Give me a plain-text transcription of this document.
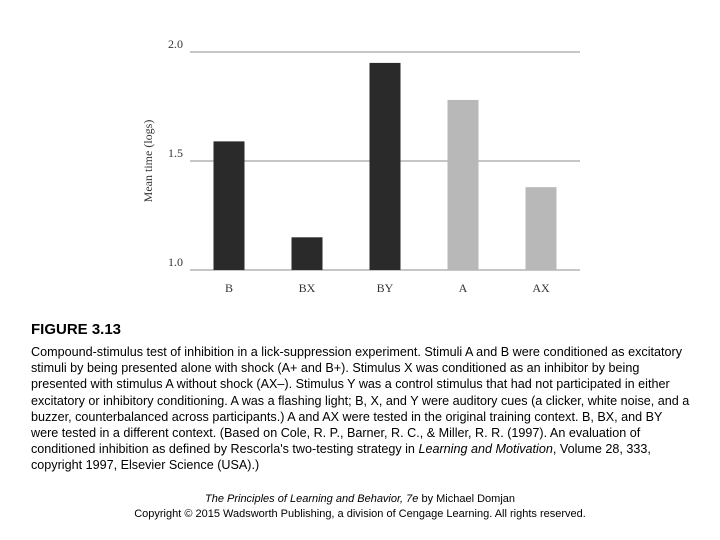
1.0
1.5
2.0
Mean time (logs)
B	BX	BY	A	AX
FIGURE 3.13

Compound-stimulus test of inhibition in a lick-suppression experiment. Stimuli A and B were conditioned as excitatory stimuli by being presented alone with shock (A+ and B+). Stimulus X was conditioned as an inhibitor by being presented with stimulus A without shock (AX–). Stimulus Y was a control stimulus that had not participated in either excitatory or inhibitory conditioning. A was a flashing light; B, X, and Y were auditory cues (a clicker, white noise, and a buzzer, counterbalanced across participants.) A and AX were tested in the original training context. B, BX, and BY were tested in a different context. (Based on Cole, R. P., Barner, R. C., & Miller, R. R. (1997). An evaluation of conditioned inhibition as defined by Rescorla's two-testing strategy in Learning and Motivation, Volume 28, 333, copyright 1997, Elsevier Science (USA).)

The Principles of Learning and Behavior, 7e by Michael Domjan

Copyright © 2015 Wadsworth Publishing, a division of Cengage Learning. All rights reserved.
